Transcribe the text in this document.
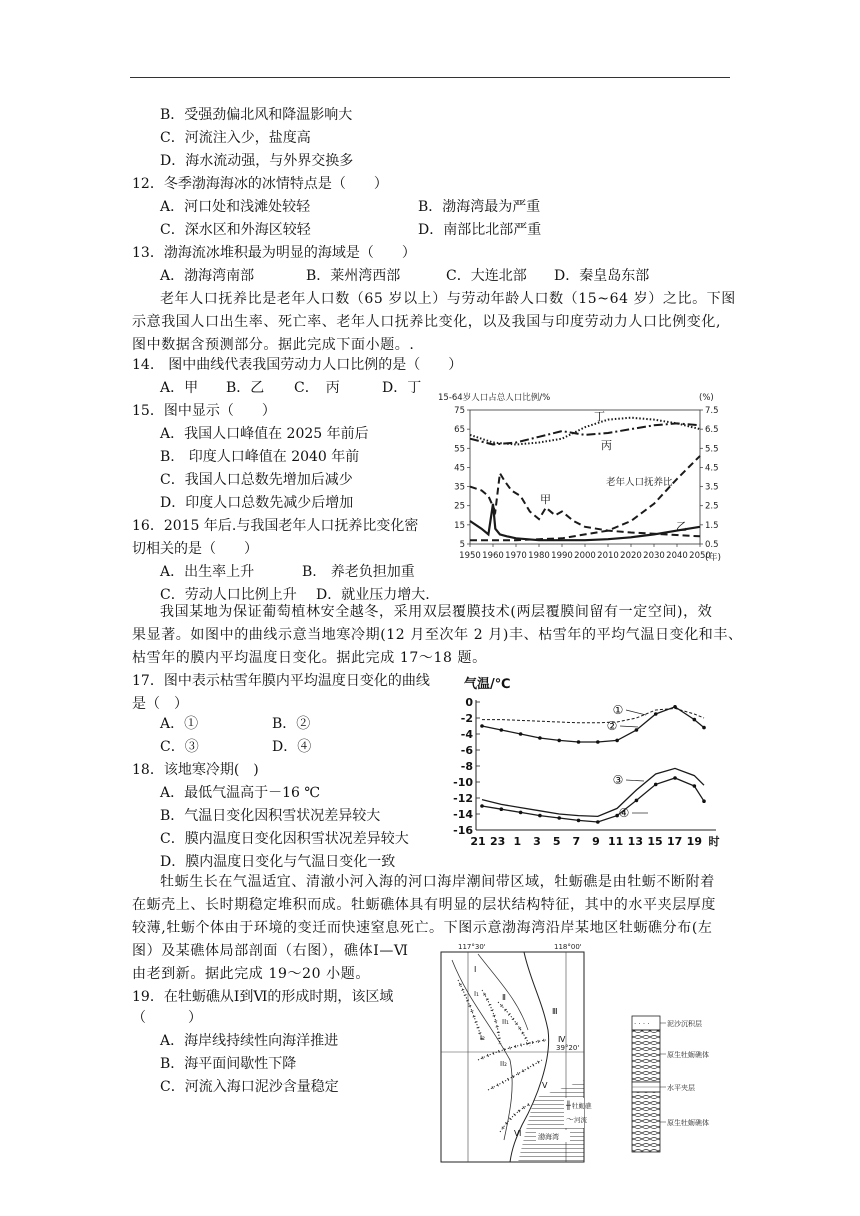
B．受强劲偏北风和降温影响大
C．河流注入少，盐度高
D．海水流动强，与外界交换多
12．冬季渤海海冰的冰情特点是（　　）
A．河口处和浅滩处较轻	B．渤海湾最为严重
C．深水区和外海区较轻	D．南部比北部严重
13．渤海流冰堆积最为明显的海域是（　　）
A．渤海湾南部	B．莱州湾西部	C．大连北部 D．秦皇岛东部
老年人口抚养比是老年人口数（65 岁以上）与劳动年龄人口数（15~64 岁）之比。下图
示意我国人口出生率、死亡率、老年人口抚养比变化，以及我国与印度劳动力人口比例变化,
图中数据含预测部分。据此完成下面小题。.
14.　图中曲线代表我国劳动力人口比例的是（　　）
A．甲 B．乙 C．　丙	D．丁
15．图中显示（　　）
A．我国人口峰值在 2025 年前后
B.　印度人口峰值在 2040 年前
C．我国人口总数先增加后减少
D．印度人口总数先减少后增加
16．2015 年后.与我国老年人口抚养比变化密
切相关的是（　　）
A．出生率上升	B.　养老负担加重
C．劳动人口比例上升 D．就业压力增大.
15-64岁人口占总人口比例/%	(%)
5
15
25
35
45
55
65
75
0.5
1.5
2.5
3.5
4.5
5.5
6.5
7.5
1950 1960 1970 1980 1990 2000 2010 2020 2030 2040 2050
(年)
丁
丙
甲
乙
老年人口抚养比
我国某地为保证葡萄植林安全越冬，采用双层覆膜技术(两层覆膜间留有一定空间)，效
果显著。如图中的曲线示意当地寒冷期(12 月至次年 2 月)丰、枯雪年的平均气温日变化和丰、
枯雪年的膜内平均温度日变化。据此完成 17～18 题。
17．图中表示枯雪年膜内平均温度日变化的曲线
是（　）
A．①	B．②
C．③	D．④
18．该地寒冷期(　)
A．最低气温高于－16 ℃
B．气温日变化因积雪状况差异较大
C．膜内温度日变化因积雪状况差异较大
D．膜内温度日变化与气温日变化一致
气温/℃
0
-2
-4
-6
-8
-10
-12
-14
-16
21 23 1 3 5 7 9 11 13 15 17 19 时
①
②
③
④
牡蛎生长在气温适宜、清澈小河入海的河口海岸潮间带区域，牡蛎礁是由牡蛎不断附着
在蛎壳上、长时期稳定堆积而成。牡蛎礁体具有明显的层状结构特征，其中的水平夹层厚度
较薄,牡蛎个体由于环境的变迁而快速窒息死亡。下图示意渤海湾沿岸某地区牡蛎礁分布(左
图）及某礁体局部剖面（右图），礁体Ⅰ—Ⅵ
由老到新。据此完成 19～20 小题。
19．在牡蛎礁从Ⅰ到Ⅵ的形成时期，该区域
（　　　）
A．海岸线持续性向海洋推进
B．海平面间歇性下降
C．河流入海口泥沙含量稳定
117°30'	118°00'
39°20'
Ⅰ
Ⅱ
Ⅲ
Ⅳ
Ⅴ
Ⅵ
I₁
I₂
II₁
II₂
渤海湾
╫ 牡蛎礁
〜 河流
⋅ ⋅ ⋅ ⋅ 泥沙沉积层
原生牡蛎礁体
水平夹层
原生牡蛎礁体
